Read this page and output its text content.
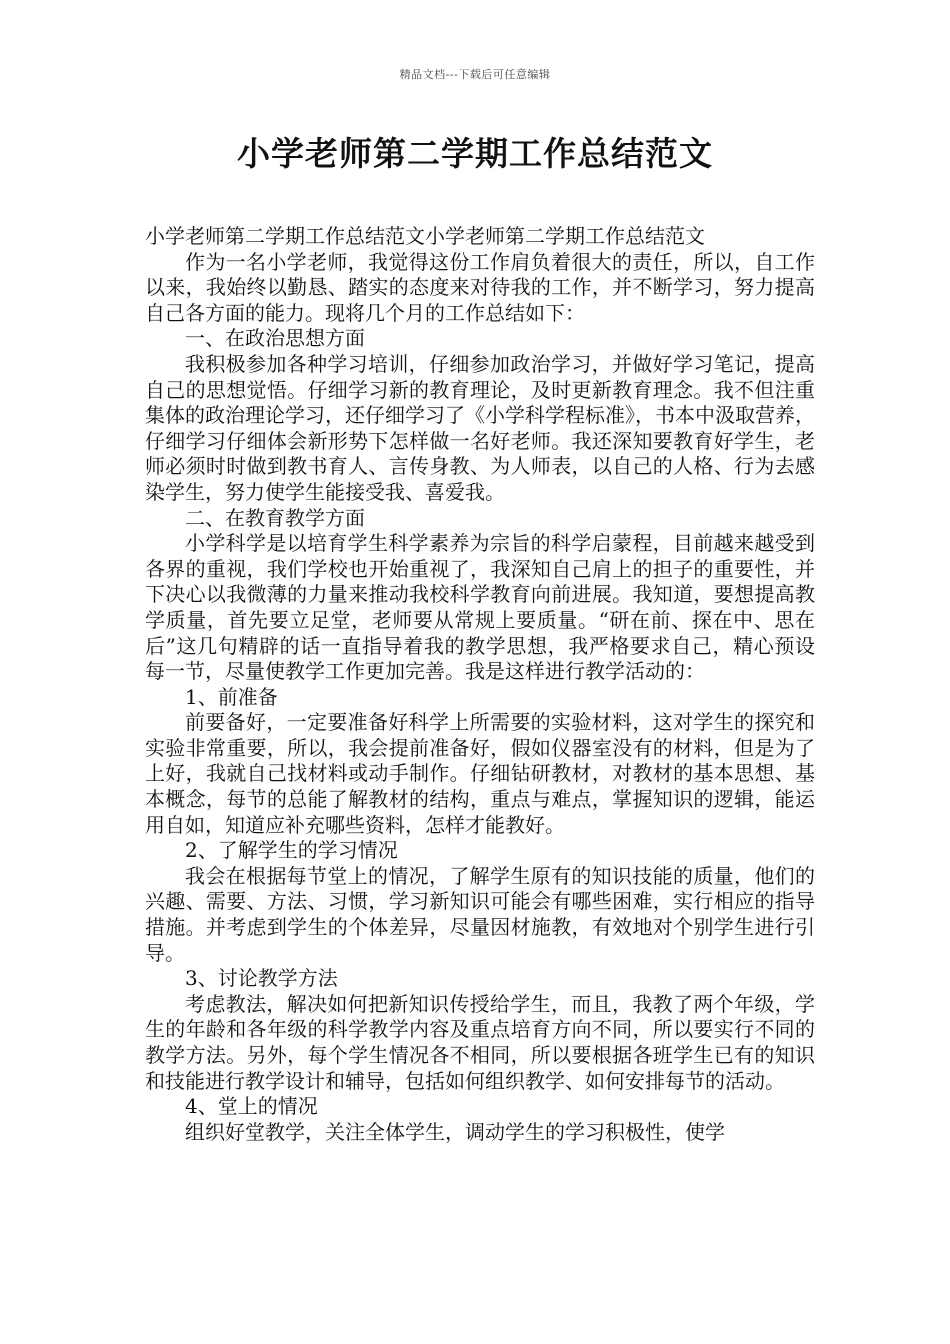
精品文档---下载后可任意编辑
小学老师第二学期工作总结范文

小学老师第二学期工作总结范文小学老师第二学期工作总结范文

作为一名小学老师，我觉得这份工作肩负着很大的责任，所以，自工作以来，我始终以勤恳、踏实的态度来对待我的工作，并不断学习，努力提高自己各方面的能力。现将几个月的工作总结如下：

一、在政治思想方面

我积极参加各种学习培训，仔细参加政治学习，并做好学习笔记，提高自己的思想觉悟。仔细学习新的教育理论，及时更新教育理念。我不但注重集体的政治理论学习，还仔细学习了《小学科学程标准》，书本中汲取营养，仔细学习仔细体会新形势下怎样做一名好老师。我还深知要教育好学生，老师必须时时做到教书育人、言传身教、为人师表，以自己的人格、行为去感染学生，努力使学生能接受我、喜爱我。

二、在教育教学方面

小学科学是以培育学生科学素养为宗旨的科学启蒙程，目前越来越受到各界的重视，我们学校也开始重视了，我深知自己肩上的担子的重要性，并下决心以我微薄的力量来推动我校科学教育向前进展。我知道，要想提高教学质量，首先要立足堂，老师要从常规上要质量。“研在前、探在中、思在后”这几句精辟的话一直指导着我的教学思想，我严格要求自己，精心预设每一节，尽量使教学工作更加完善。我是这样进行教学活动的：

1、前准备

前要备好，一定要准备好科学上所需要的实验材料，这对学生的探究和实验非常重要，所以，我会提前准备好，假如仪器室没有的材料，但是为了上好，我就自己找材料或动手制作。仔细钻研教材，对教材的基本思想、基本概念，每节的总能了解教材的结构，重点与难点，掌握知识的逻辑，能运用自如，知道应补充哪些资料，怎样才能教好。

2、了解学生的学习情况

我会在根据每节堂上的情况，了解学生原有的知识技能的质量，他们的兴趣、需要、方法、习惯，学习新知识可能会有哪些困难，实行相应的指导措施。并考虑到学生的个体差异，尽量因材施教，有效地对个别学生进行引导。

3、讨论教学方法

考虑教法，解决如何把新知识传授给学生，而且，我教了两个年级，学生的年龄和各年级的科学教学内容及重点培育方向不同，所以要实行不同的教学方法。另外，每个学生情况各不相同，所以要根据各班学生已有的知识和技能进行教学设计和辅导，包括如何组织教学、如何安排每节的活动。

4、堂上的情况

组织好堂教学，关注全体学生，调动学生的学习积极性，使学
